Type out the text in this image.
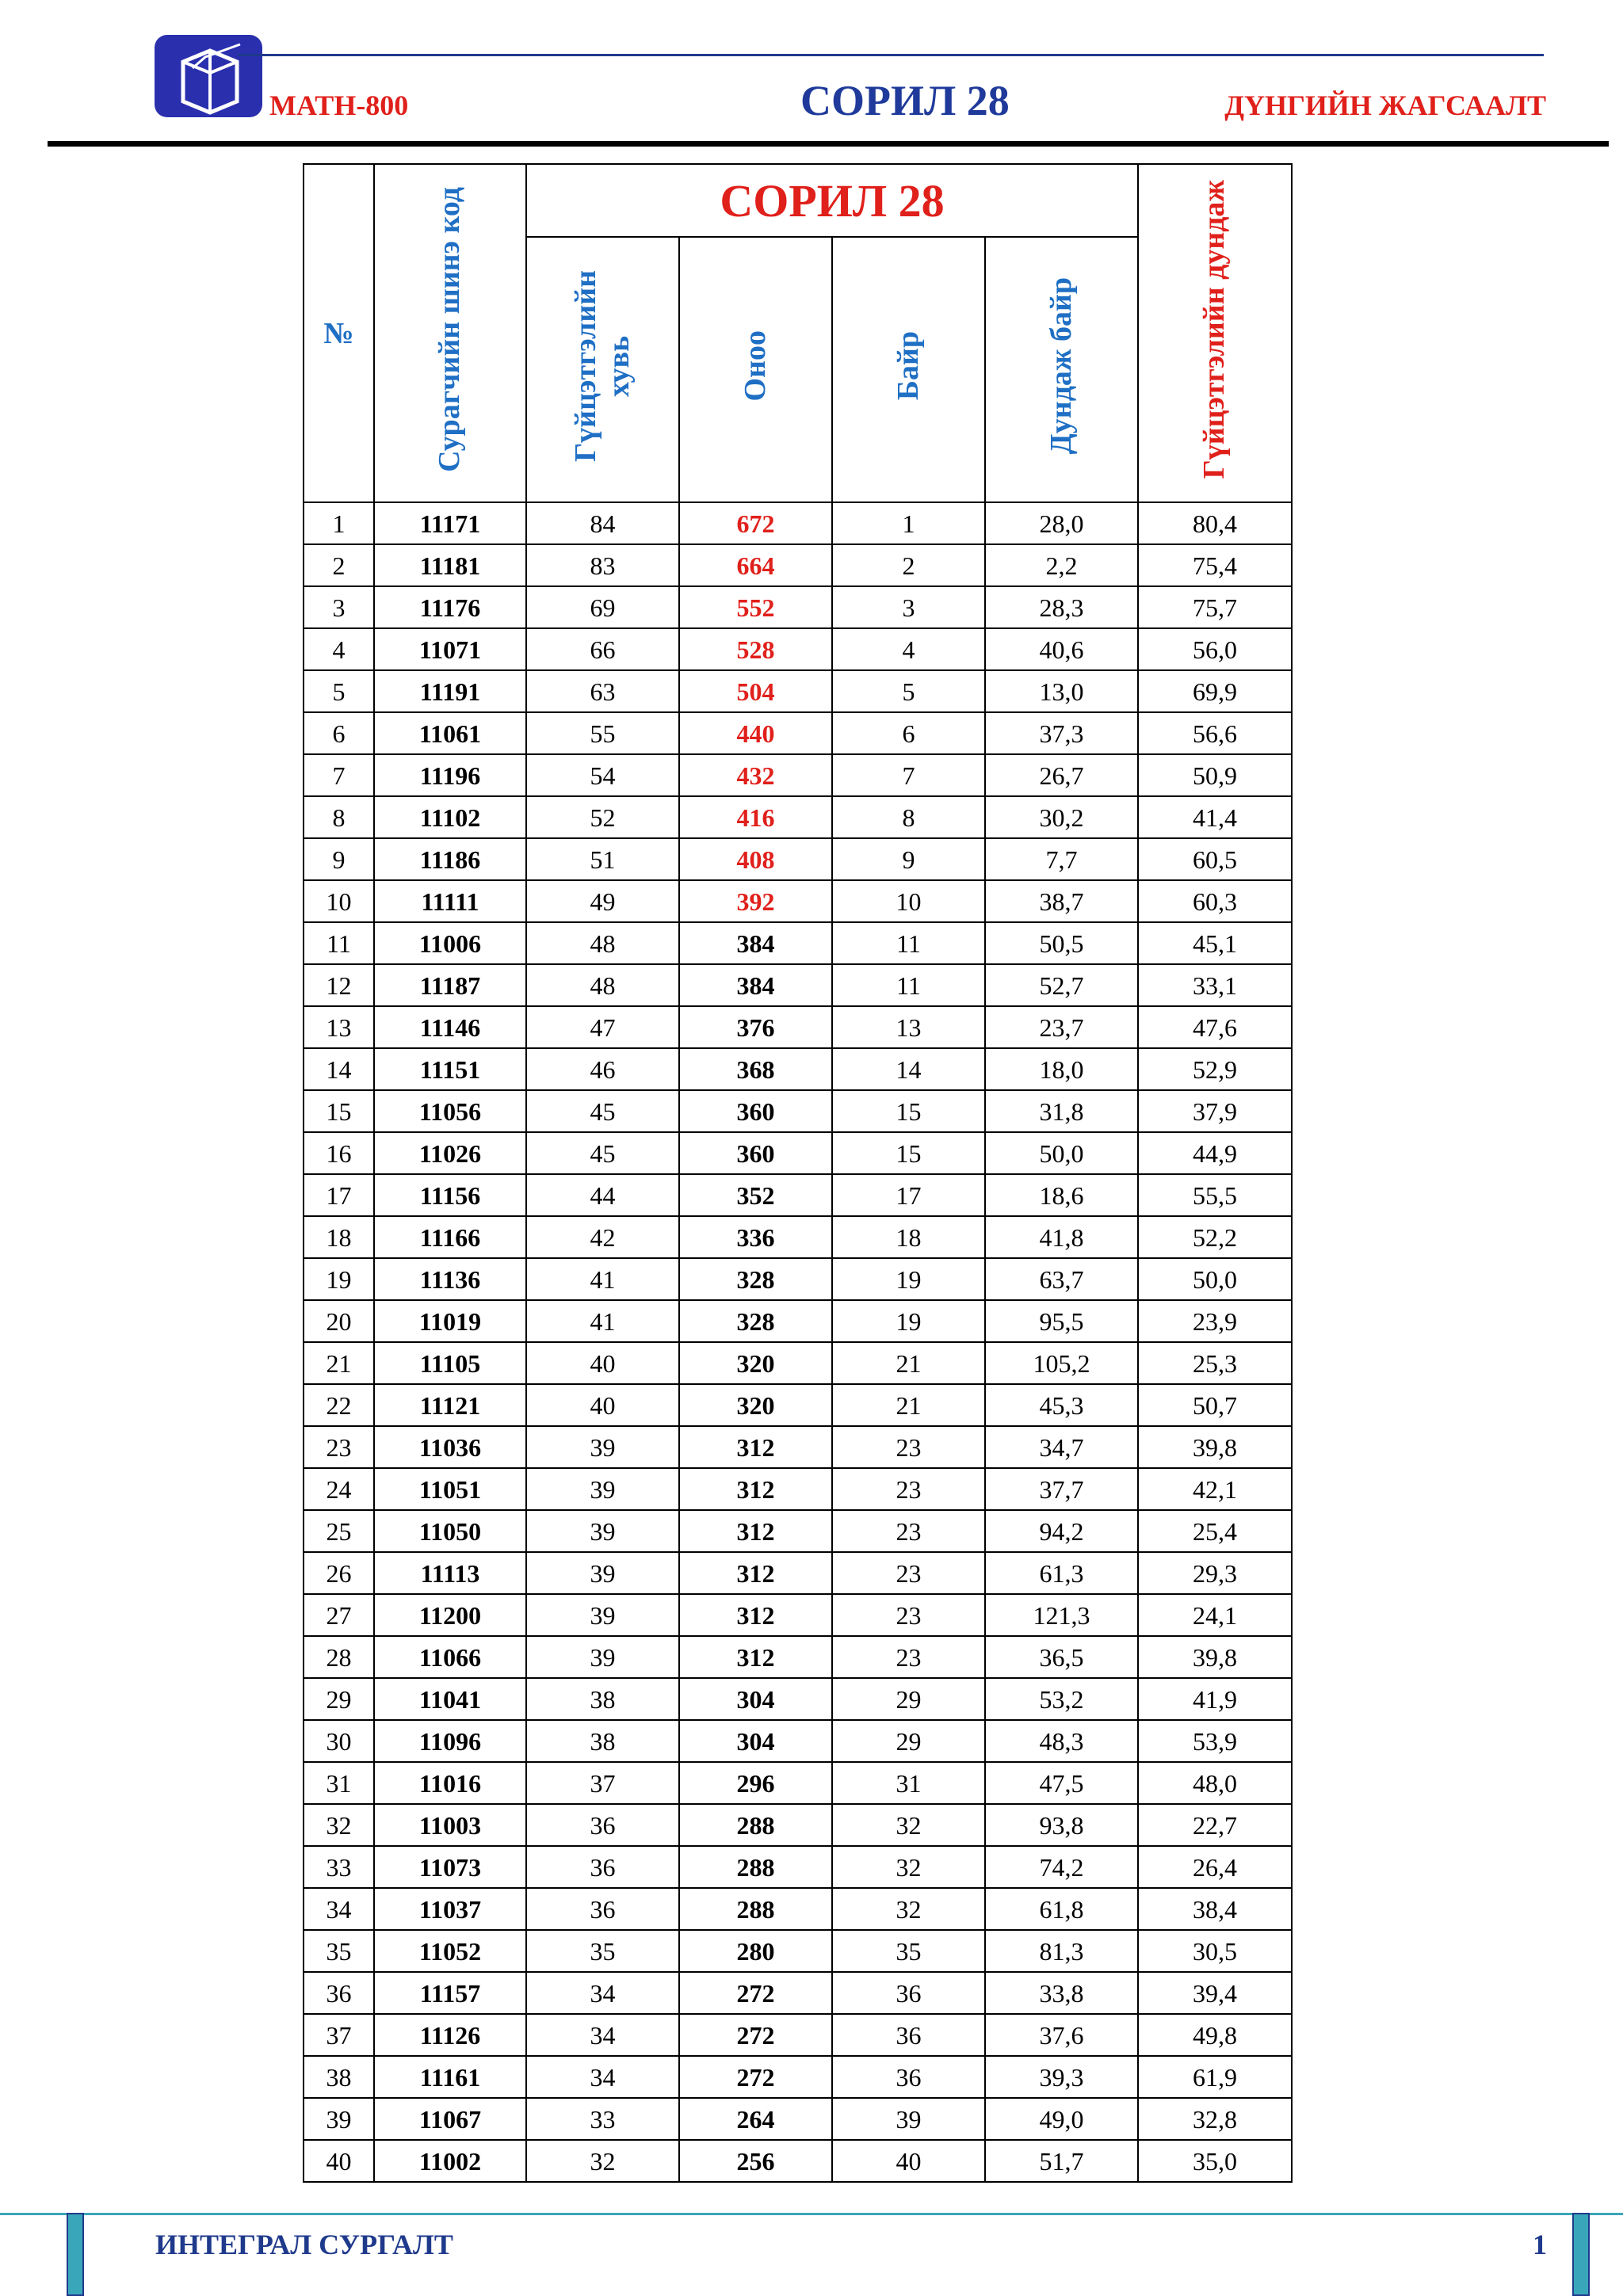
MATH-800	СОРИЛ 28	ДҮНГИЙН ЖАГСААЛТ
№	Сурагчийн шинэ код	СОРИЛ 28				Гүйцэтгэлийн дундаж
		Гүйцэтгэлийн хувь	Оноо	Байр	Дундаж байр	
1	11171	84	672	1	28,0	80,4
2	11181	83	664	2	2,2	75,4
3	11176	69	552	3	28,3	75,7
4	11071	66	528	4	40,6	56,0
5	11191	63	504	5	13,0	69,9
6	11061	55	440	6	37,3	56,6
7	11196	54	432	7	26,7	50,9
8	11102	52	416	8	30,2	41,4
9	11186	51	408	9	7,7	60,5
10	11111	49	392	10	38,7	60,3
11	11006	48	384	11	50,5	45,1
12	11187	48	384	11	52,7	33,1
13	11146	47	376	13	23,7	47,6
14	11151	46	368	14	18,0	52,9
15	11056	45	360	15	31,8	37,9
16	11026	45	360	15	50,0	44,9
17	11156	44	352	17	18,6	55,5
18	11166	42	336	18	41,8	52,2
19	11136	41	328	19	63,7	50,0
20	11019	41	328	19	95,5	23,9
21	11105	40	320	21	105,2	25,3
22	11121	40	320	21	45,3	50,7
23	11036	39	312	23	34,7	39,8
24	11051	39	312	23	37,7	42,1
25	11050	39	312	23	94,2	25,4
26	11113	39	312	23	61,3	29,3
27	11200	39	312	23	121,3	24,1
28	11066	39	312	23	36,5	39,8
29	11041	38	304	29	53,2	41,9
30	11096	38	304	29	48,3	53,9
31	11016	37	296	31	47,5	48,0
32	11003	36	288	32	93,8	22,7
33	11073	36	288	32	74,2	26,4
34	11037	36	288	32	61,8	38,4
35	11052	35	280	35	81,3	30,5
36	11157	34	272	36	33,8	39,4
37	11126	34	272	36	37,6	49,8
38	11161	34	272	36	39,3	61,9
39	11067	33	264	39	49,0	32,8
40	11002	32	256	40	51,7	35,0
ИНТЕГРАЛ СУРГАЛТ	1
